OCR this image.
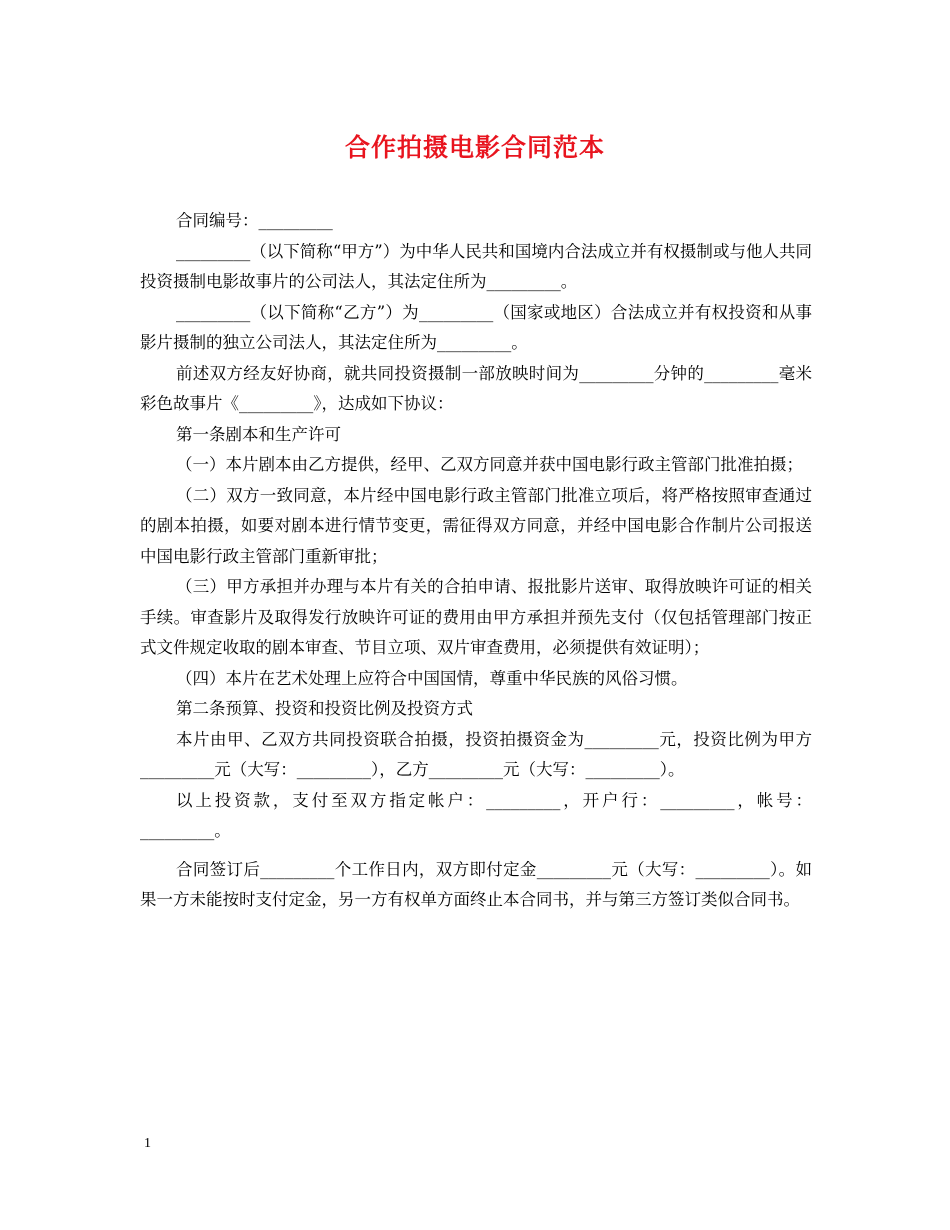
合作拍摄电影合同范本

合同编号：_________

_________（以下简称“甲方”）为中华人民共和国境内合法成立并有权摄制或与他人共同投资摄制电影故事片的公司法人，其法定住所为_________。

_________（以下简称“乙方”）为_________（国家或地区）合法成立并有权投资和从事影片摄制的独立公司法人，其法定住所为_________。

前述双方经友好协商，就共同投资摄制一部放映时间为_________分钟的_________毫米彩色故事片《_________》，达成如下协议：

第一条剧本和生产许可

（一）本片剧本由乙方提供，经甲、乙双方同意并获中国电影行政主管部门批准拍摄；

（二）双方一致同意，本片经中国电影行政主管部门批准立项后，将严格按照审查通过的剧本拍摄，如要对剧本进行情节变更，需征得双方同意，并经中国电影合作制片公司报送中国电影行政主管部门重新审批；

（三）甲方承担并办理与本片有关的合拍申请、报批影片送审、取得放映许可证的相关手续。审查影片及取得发行放映许可证的费用由甲方承担并预先支付（仅包括管理部门按正式文件规定收取的剧本审查、节目立项、双片审查费用，必须提供有效证明）；

（四）本片在艺术处理上应符合中国国情，尊重中华民族的风俗习惯。

第二条预算、投资和投资比例及投资方式

本片由甲、乙双方共同投资联合拍摄，投资拍摄资金为_________元，投资比例为甲方_________元（大写：_________），乙方_________元（大写：_________）。

以上投资款，支付至双方指定帐户：_________，开户行：_________，帐号：_________。

合同签订后_________个工作日内，双方即付定金_________元（大写：_________）。如果一方未能按时支付定金，另一方有权单方面终止本合同书，并与第三方签订类似合同书。

1
